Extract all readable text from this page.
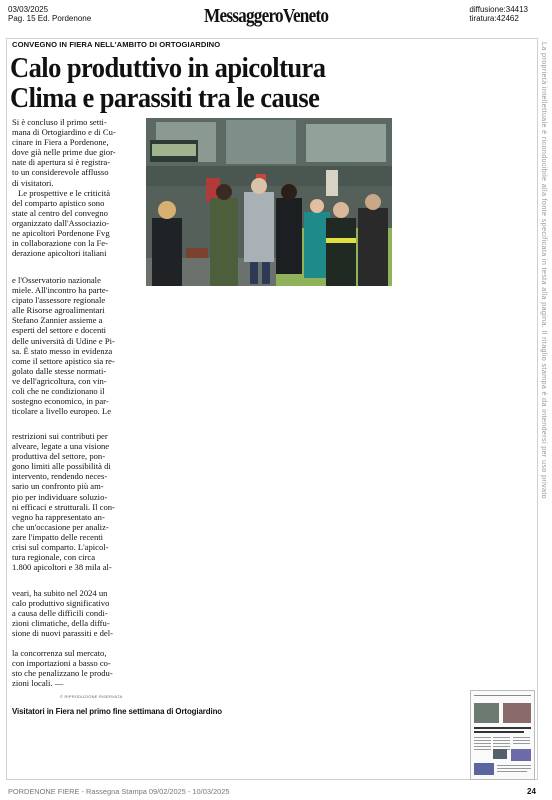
03/03/2025
Pag. 15 Ed. Pordenone	MessaggeroVeneto	diffusione:34413
tiratura:42462
CONVEGNO IN FIERA NELL'AMBITO DI ORTOGIARDINO
Calo produttivo in apicoltura
Clima e parassiti tra le cause
Si è concluso il primo setti-
mana di Ortogiardino e di Cu-
cinare in Fiera a Pordenone,
dove già nelle prime due gior-
nate di apertura si è registra-
to un considerevole afflusso
di visitatori.
Le prospettive e le criticità
del comparto apistico sono
state al centro del convegno
organizzato dall'Associazio-
ne apicoltori Pordenone Fvg
in collaborazione con la Fe-
derazione apicoltori italiani
e l'Osservatorio nazionale
miele. All'incontro ha parte-
cipato l'assessore regionale
alle Risorse agroalimentari
Stefano Zannier assieme a
esperti del settore e docenti
delle università di Udine e Pi-
sa. È stato messo in evidenza
come il settore apistico sia re-
golato dalle stesse normati-
ve dell'agricoltura, con vin-
coli che ne condizionano il
sostegno economico, in par-
ticolare a livello europeo. Le
restrizioni sui contributi per
alveare, legate a una visione
produttiva del settore, pon-
gono limiti alle possibilità di
intervento, rendendo neces-
sario un confronto più am-
pio per individuare soluzio-
ni efficaci e strutturali. Il con-
vegno ha rappresentato an-
che un'occasione per analiz-
zare l'impatto delle recenti
crisi sul comparto. L'apicol-
tura regionale, con circa
1.800 apicoltori e 38 mila al-
veari, ha subito nel 2024 un
calo produttivo significativo
a causa delle difficili condi-
zioni climatiche, della diffu-
sione di nuovi parassiti e del-
la concorrenza sul mercato,
con importazioni a basso co-
sto che penalizzano le produ-
zioni locali. —
© RIPRODUZIONE RISERVATA
Visitatori in Fiera nel primo fine settimana di Ortogiardino
La proprietà intellettuale è riconducibile alla fonte specificata in testa alla pagina. Il ritaglio stampa è da intendersi per uso privato
PORDENONE FIERE - Rassegna Stampa 09/02/2025 - 10/03/2025	24
